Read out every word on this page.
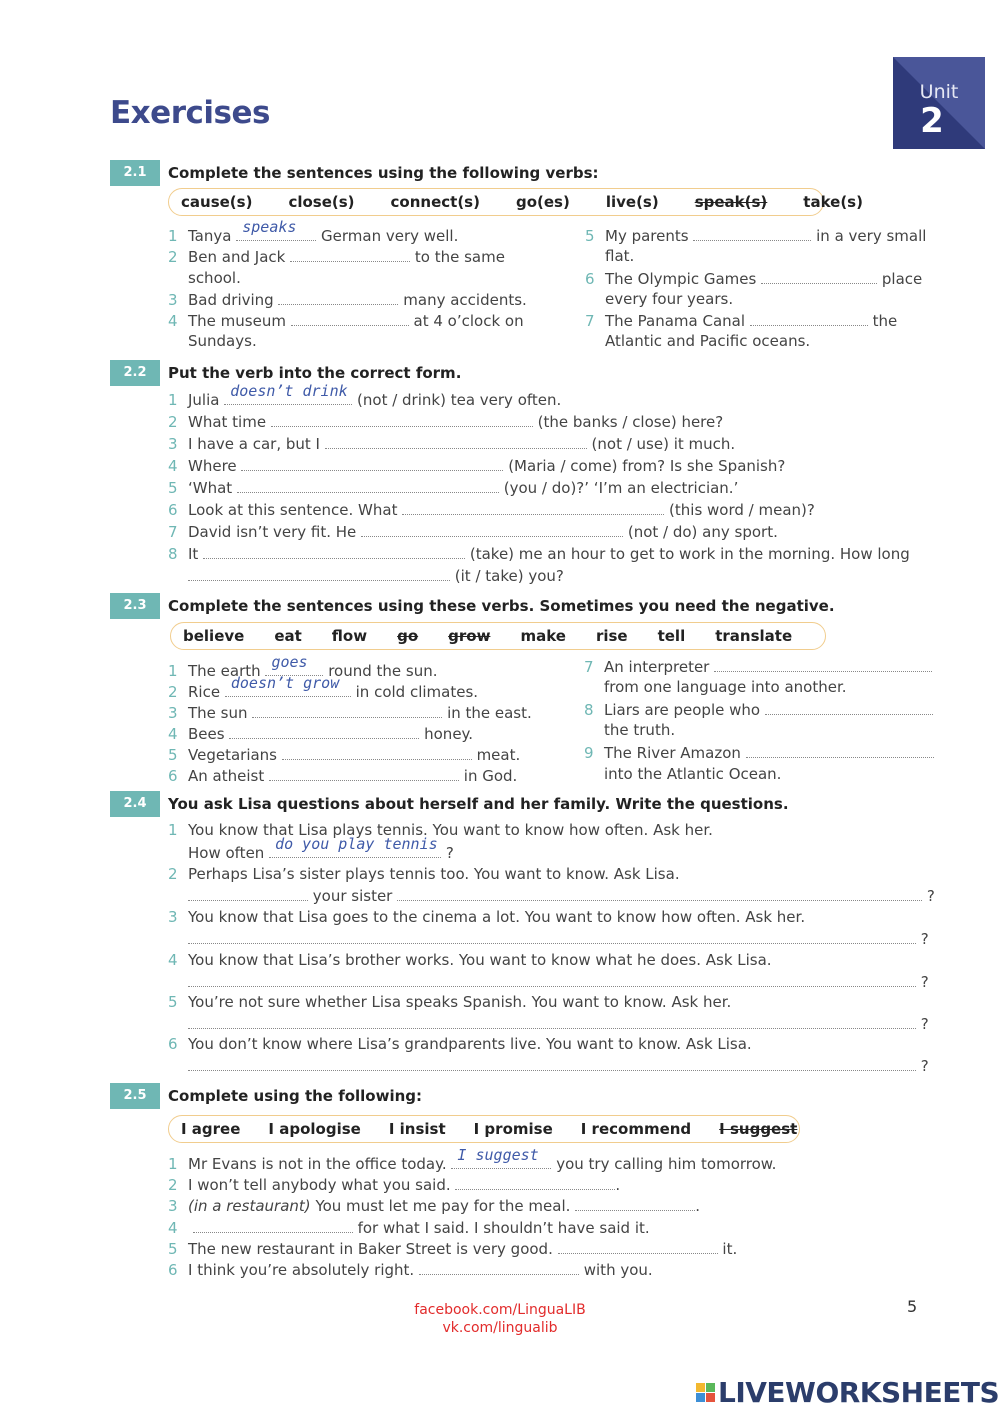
Exercises
Unit
2
2.1	Complete the sentences using the following verbs:
cause(s) close(s) connect(s) go(es) live(s) speak(s) take(s)
1 Tanya speaks German very well.
2 Ben and Jack	to the same
school.
3 Bad driving	many accidents.
4 The museum	at 4 o’clock on
Sundays.
5 My parents	in a very small
flat.
6 The Olympic Games	place
every four years.
7 The Panama Canal	the
Atlantic and Pacific oceans.
2.2	Put the verb into the correct form.
1 Julia doesn’t drink (not / drink) tea very often.
2 What time	(the banks / close) here?
3 I have a car, but I	(not / use) it much.
4 Where	(Maria / come) from? Is she Spanish?
5 ‘What	(you / do)?’ ‘I’m an electrician.’
6 Look at this sentence. What	(this word / mean)?
7 David isn’t very fit. He	(not / do) any sport.
8 It	(take) me an hour to get to work in the morning. How long
(it / take) you?
2.3	Complete the sentences using these verbs. Sometimes you need the negative.
believe eat flow go grow make rise tell translate
1 The earth goes round the sun.
2 Rice doesn’t grow in cold climates.
3 The sun	in the east.
4 Bees	honey.
5 Vegetarians	meat.
6 An atheist	in God.
7 An interpreter
from one language into another.
8 Liars are people who
the truth.
9 The River Amazon
into the Atlantic Ocean.
2.4	You ask Lisa questions about herself and her family. Write the questions.
1 You know that Lisa plays tennis. You want to know how often. Ask her.
How often do you play tennis ?
2 Perhaps Lisa’s sister plays tennis too. You want to know. Ask Lisa.
your sister	?
3 You know that Lisa goes to the cinema a lot. You want to know how often. Ask her.
?
4 You know that Lisa’s brother works. You want to know what he does. Ask Lisa.
?
5 You’re not sure whether Lisa speaks Spanish. You want to know. Ask her.
?
6 You don’t know where Lisa’s grandparents live. You want to know. Ask Lisa.
?
2.5	Complete using the following:
I agree I apologise I insist I promise I recommend I suggest
1 Mr Evans is not in the office today. I suggest you try calling him tomorrow.
2 I won’t tell anybody what you said.	.
3 (in a restaurant) You must let me pay for the meal.	.
4	for what I said. I shouldn’t have said it.
5 The new restaurant in Baker Street is very good.	it.
6 I think you’re absolutely right.	with you.
5
facebook.com/LinguaLIB
vk.com/lingualib
LIVEWORKSHEETS
